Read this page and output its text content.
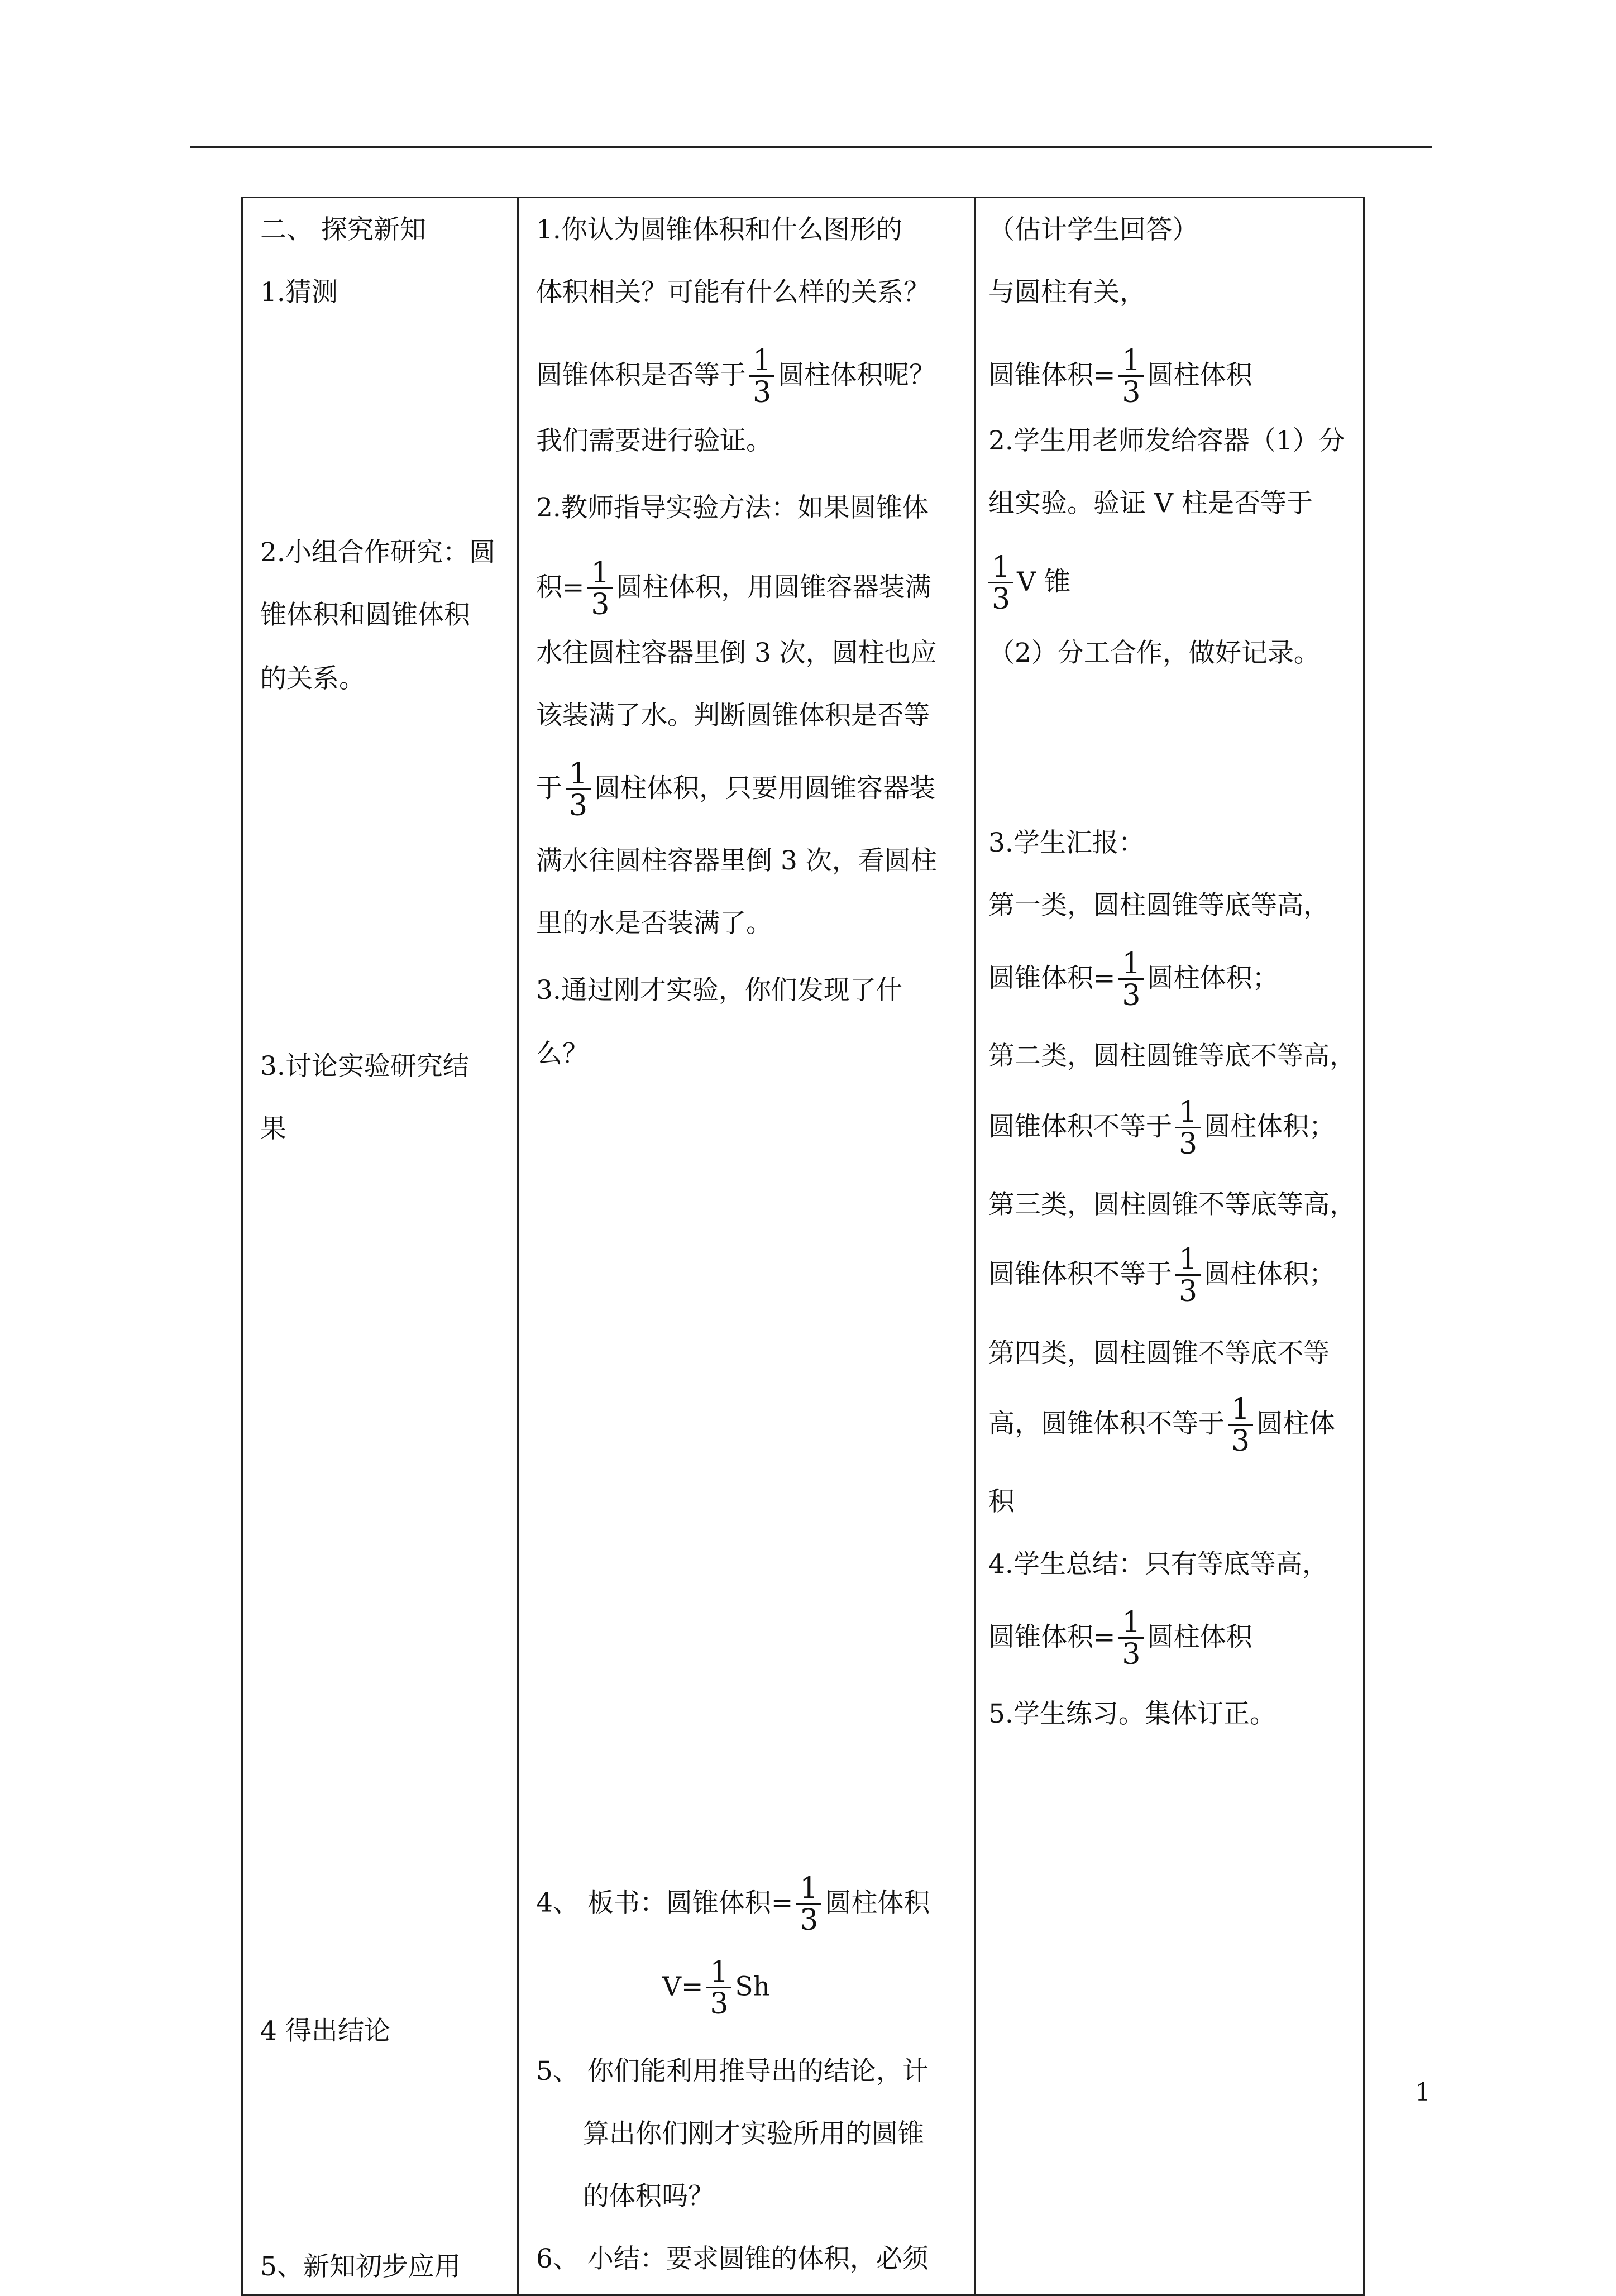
二、 探究新知
1.猜测
2.小组合作研究：圆
锥体积和圆锥体积
的关系。
3.讨论实验研究结
果
4 得出结论
5、新知初步应用
1.你认为圆锥体积和什么图形的
体积相关？可能有什么样的关系？
圆锥体积是否等于 $\frac{1}{3}$ 圆柱体积呢？
我们需要进行验证。
2.教师指导实验方法：如果圆锥体
积= $\frac{1}{3}$ 圆柱体积，用圆锥容器装满
水往圆柱容器里倒 3 次，圆柱也应
该装满了水。判断圆锥体积是否等
于 $\frac{1}{3}$ 圆柱体积，只要用圆锥容器装
满水往圆柱容器里倒 3 次，看圆柱
里的水是否装满了。
3.通过刚才实验，你们发现了什
么？
4、 板书：圆锥体积= $\frac{1}{3}$ 圆柱体积
$V= \frac{1}{3}$ Sh
5、 你们能利用推导出的结论，计
算出你们刚才实验所用的圆锥
的体积吗？
6、 小结：要求圆锥的体积，必须
（估计学生回答）
与圆柱有关，
圆锥体积= $\frac{1}{3}$ 圆柱体积
2.学生用老师发给容器（1）分
组实验。验证 V 柱是否等于
$\frac{1}{3}$ V 锥
（2）分工合作，做好记录。
3.学生汇报：
第一类，圆柱圆锥等底等高，
圆锥体积= $\frac{1}{3}$ 圆柱体积；
第二类，圆柱圆锥等底不等高，
圆锥体积不等于 $\frac{1}{3}$ 圆柱体积；
第三类，圆柱圆锥不等底等高，
圆锥体积不等于 $\frac{1}{3}$ 圆柱体积；
第四类，圆柱圆锥不等底不等
高，圆锥体积不等于 $\frac{1}{3}$ 圆柱体
积
4.学生总结：只有等底等高，
圆锥体积= $\frac{1}{3}$ 圆柱体积
5.学生练习。集体订正。
1
